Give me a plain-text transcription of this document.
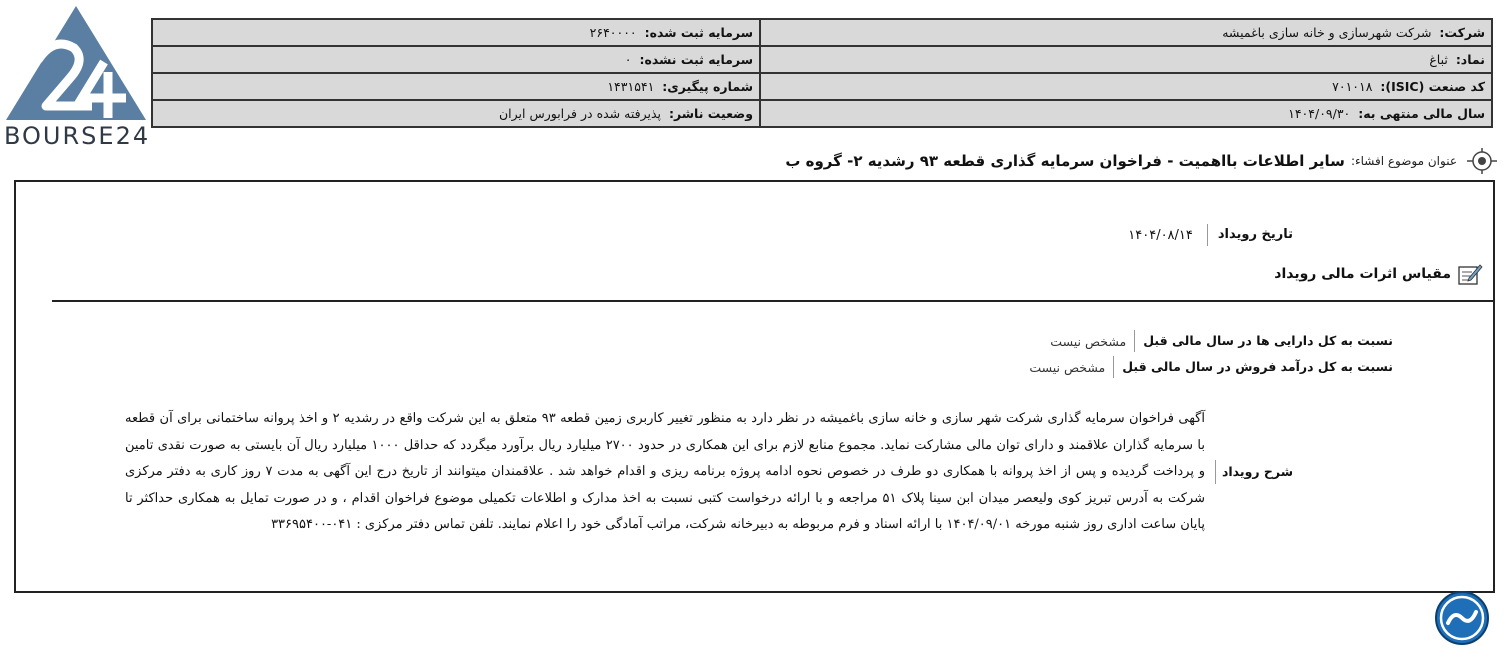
BOURSE24
شرکت:  شرکت شهرسازی و خانه سازی باغمیشه	سرمایه ثبت شده:  ۲۶۴۰۰۰۰
نماد:  ثباغ	سرمایه ثبت نشده:  ۰
کد صنعت (ISIC):  ۷۰۱۰۱۸	شماره پیگیری:  ۱۴۳۱۵۴۱
سال مالی منتهی به:  ۱۴۰۴/۰۹/۳۰	وضعیت ناشر:  پذیرفته شده در فرابورس ایران
عنوان موضوع افشاء:
سایر اطلاعات بااهمیت - فراخوان سرمایه گذاری قطعه ۹۳ رشدیه ۲- گروه ب
تاریخ رویداد
۱۴۰۴/۰۸/۱۴
مقیاس اثرات مالی رویداد
نسبت به کل دارایی ها در سال مالی قبل
مشخص نیست
نسبت به کل درآمد فروش در سال مالی قبل
مشخص نیست
شرح رویداد
آگهی فراخوان سرمایه گذاری شرکت شهر سازی و خانه سازی باغمیشه در نظر دارد به منظور تغییر کاربری زمین قطعه ۹۳ متعلق به این شرکت واقع در رشدیه ۲ و اخذ پروانه ساختمانی برای آن قطعه با سرمایه گذاران علاقمند و دارای توان مالی مشارکت نماید. مجموع منابع لازم برای این همکاری در حدود ۲۷۰۰ میلیارد ریال برآورد میگردد که حداقل ۱۰۰۰ میلیارد ریال آن بایستی به صورت نقدی تامین و پرداخت گردیده و پس از اخذ پروانه با همکاری دو طرف در خصوص نحوه ادامه پروژه برنامه ریزی و اقدام خواهد شد . علاقمندان میتوانند از تاریخ درج این آگهی به مدت ۷ روز کاری به دفتر مرکزی شرکت به آدرس تبریز کوی ولیعصر میدان ابن سینا پلاک ۵۱ مراجعه و با ارائه درخواست کتبی نسبت به اخذ مدارک و اطلاعات تکمیلی موضوع فراخوان اقدام ، و در صورت تمایل به همکاری حداکثر تا پایان ساعت اداری روز شنبه مورخه ۱۴۰۴/۰۹/۰۱ با ارائه اسناد و فرم مربوطه به دبیرخانه شرکت، مراتب آمادگی خود را اعلام نمایند. تلفن تماس دفتر مرکزی : ۰۴۱-۳۳۶۹۵۴۰۰
